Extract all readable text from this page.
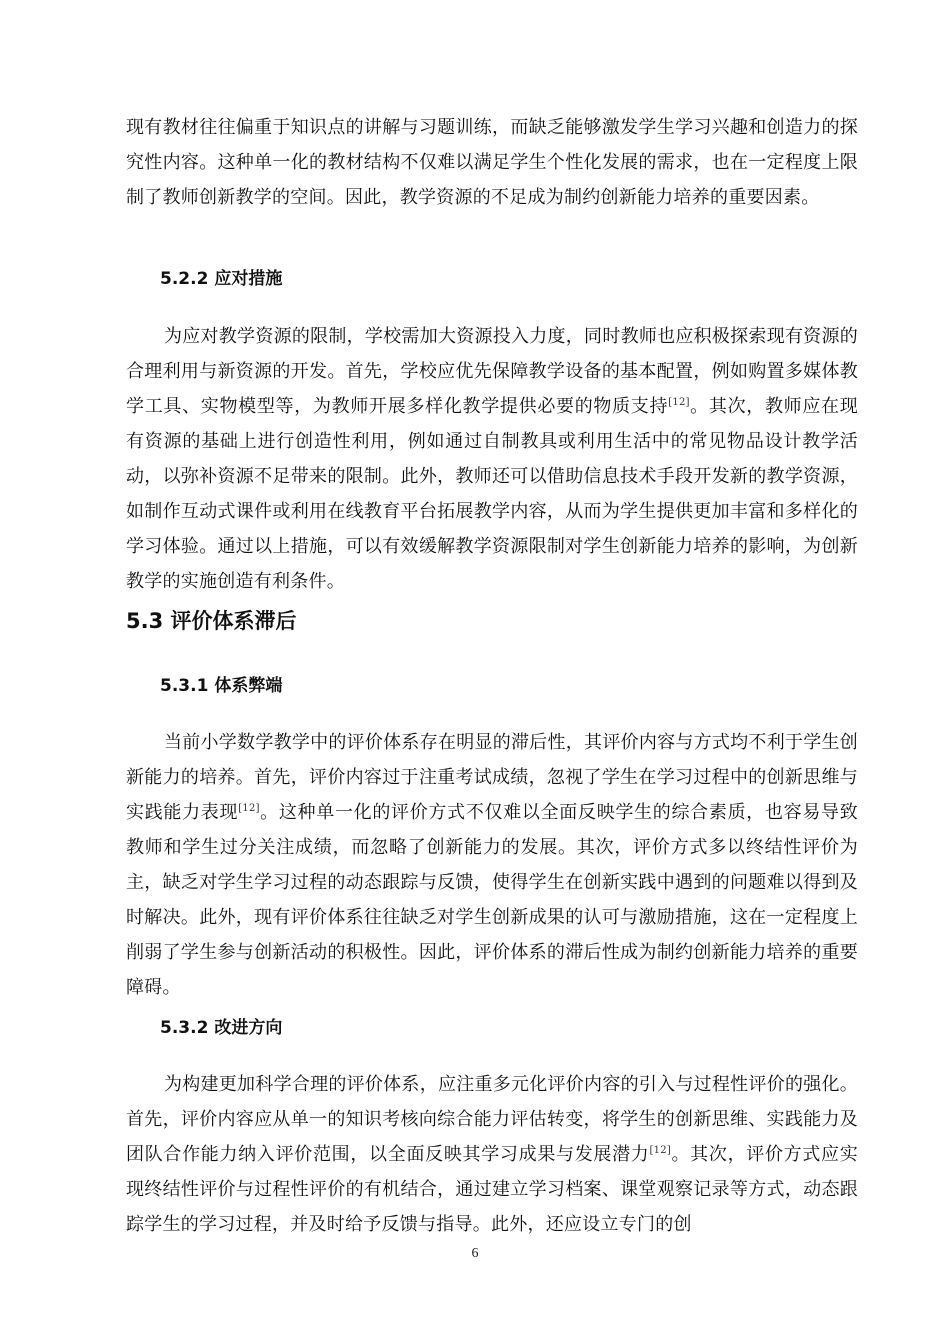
现有教材往往偏重于知识点的讲解与习题训练，而缺乏能够激发学生学习兴趣和创造力的探究性内容。这种单一化的教材结构不仅难以满足学生个性化发展的需求，也在一定程度上限制了教师创新教学的空间。因此，教学资源的不足成为制约创新能力培养的重要因素。

5.2.2 应对措施

为应对教学资源的限制，学校需加大资源投入力度，同时教师也应积极探索现有资源的合理利用与新资源的开发。首先，学校应优先保障教学设备的基本配置，例如购置多媒体教学工具、实物模型等，为教师开展多样化教学提供必要的物质支持[12]。其次，教师应在现有资源的基础上进行创造性利用，例如通过自制教具或利用生活中的常见物品设计教学活动，以弥补资源不足带来的限制。此外，教师还可以借助信息技术手段开发新的教学资源，如制作互动式课件或利用在线教育平台拓展教学内容，从而为学生提供更加丰富和多样化的学习体验。通过以上措施，可以有效缓解教学资源限制对学生创新能力培养的影响，为创新教学的实施创造有利条件。

5.3 评价体系滞后
5.3.1 体系弊端

当前小学数学教学中的评价体系存在明显的滞后性，其评价内容与方式均不利于学生创新能力的培养。首先，评价内容过于注重考试成绩，忽视了学生在学习过程中的创新思维与实践能力表现[12]。这种单一化的评价方式不仅难以全面反映学生的综合素质，也容易导致教师和学生过分关注成绩，而忽略了创新能力的发展。其次，评价方式多以终结性评价为主，缺乏对学生学习过程的动态跟踪与反馈，使得学生在创新实践中遇到的问题难以得到及时解决。此外，现有评价体系往往缺乏对学生创新成果的认可与激励措施，这在一定程度上削弱了学生参与创新活动的积极性。因此，评价体系的滞后性成为制约创新能力培养的重要障碍。

5.3.2 改进方向

为构建更加科学合理的评价体系，应注重多元化评价内容的引入与过程性评价的强化。首先，评价内容应从单一的知识考核向综合能力评估转变，将学生的创新思维、实践能力及团队合作能力纳入评价范围，以全面反映其学习成果与发展潜力[12]。其次，评价方式应实现终结性评价与过程性评价的有机结合，通过建立学习档案、课堂观察记录等方式，动态跟踪学生的学习过程，并及时给予反馈与指导。此外，还应设立专门的创

6
